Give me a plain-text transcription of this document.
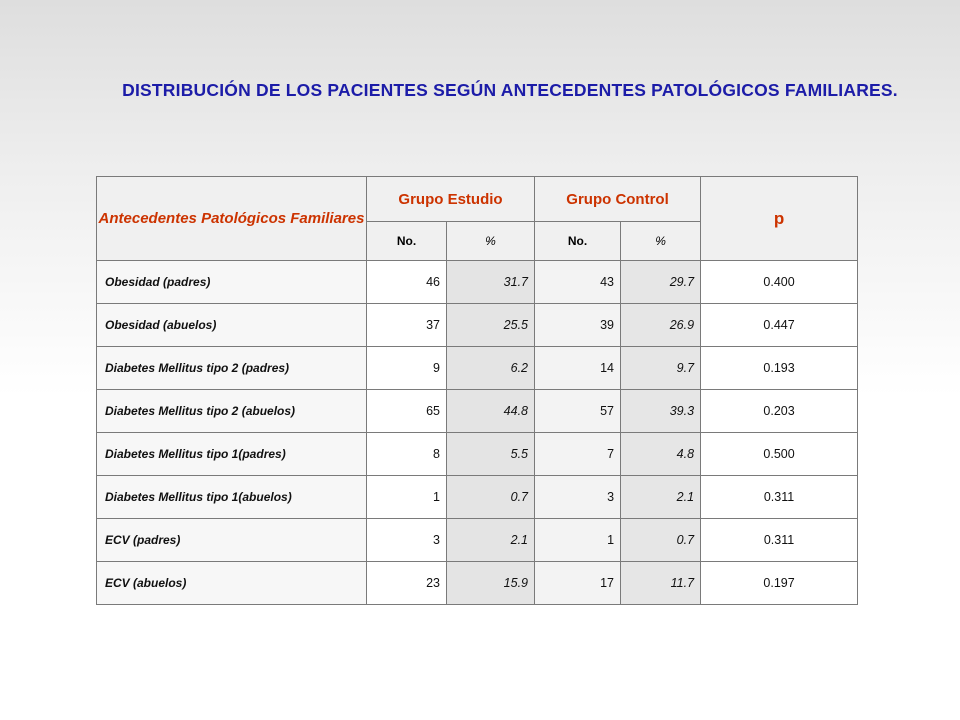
DISTRIBUCIÓN DE LOS PACIENTES SEGÚN ANTECEDENTES PATOLÓGICOS FAMILIARES.
Antecedentes Patológicos Familiares	Grupo Estudio		Grupo Control		p
	No.	%	No.	%	
Obesidad (padres)	46	31.7	43	29.7	0.400
Obesidad (abuelos)	37	25.5	39	26.9	0.447
Diabetes Mellitus tipo 2 (padres)	9	6.2	14	9.7	0.193
Diabetes Mellitus tipo 2 (abuelos)	65	44.8	57	39.3	0.203
Diabetes Mellitus tipo 1(padres)	8	5.5	7	4.8	0.500
Diabetes Mellitus tipo 1(abuelos)	1	0.7	3	2.1	0.311
ECV (padres)	3	2.1	1	0.7	0.311
ECV (abuelos)	23	15.9	17	11.7	0.197
